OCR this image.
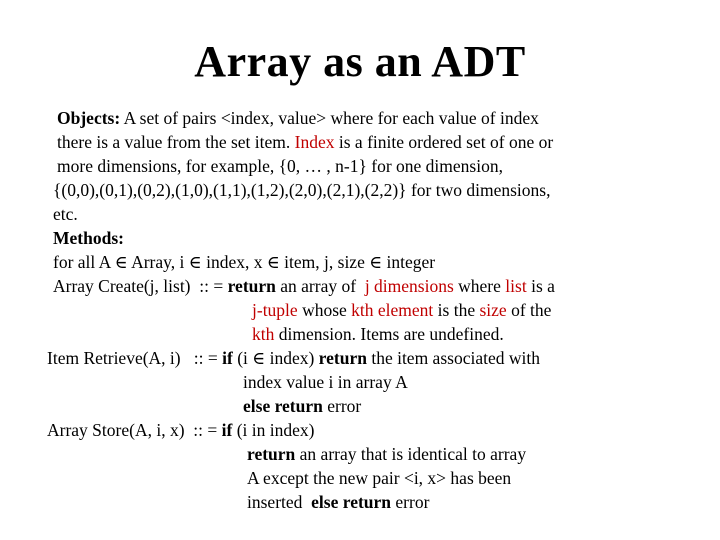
Array as an ADT
Objects: A set of pairs <index, value> where for each value of index
there is a value from the set item. Index is a finite ordered set of one or
more dimensions, for example, {0, … , n-1} for one dimension,
{(0,0),(0,1),(0,2),(1,0),(1,1),(1,2),(2,0),(2,1),(2,2)} for two dimensions,
etc.
Methods:
for all A ∈ Array, i ∈ index, x ∈ item, j, size ∈ integer
Array Create(j, list) :: = return an array of j dimensions where list is a
j-tuple whose kth element is the size of the
kth dimension. Items are undefined.
Item Retrieve(A, i) :: = if (i ∈ index) return the item associated with
index value i in array A
else return error
Array Store(A, i, x) :: = if (i in index)
return an array that is identical to array
A except the new pair <i, x> has been
inserted else return error
